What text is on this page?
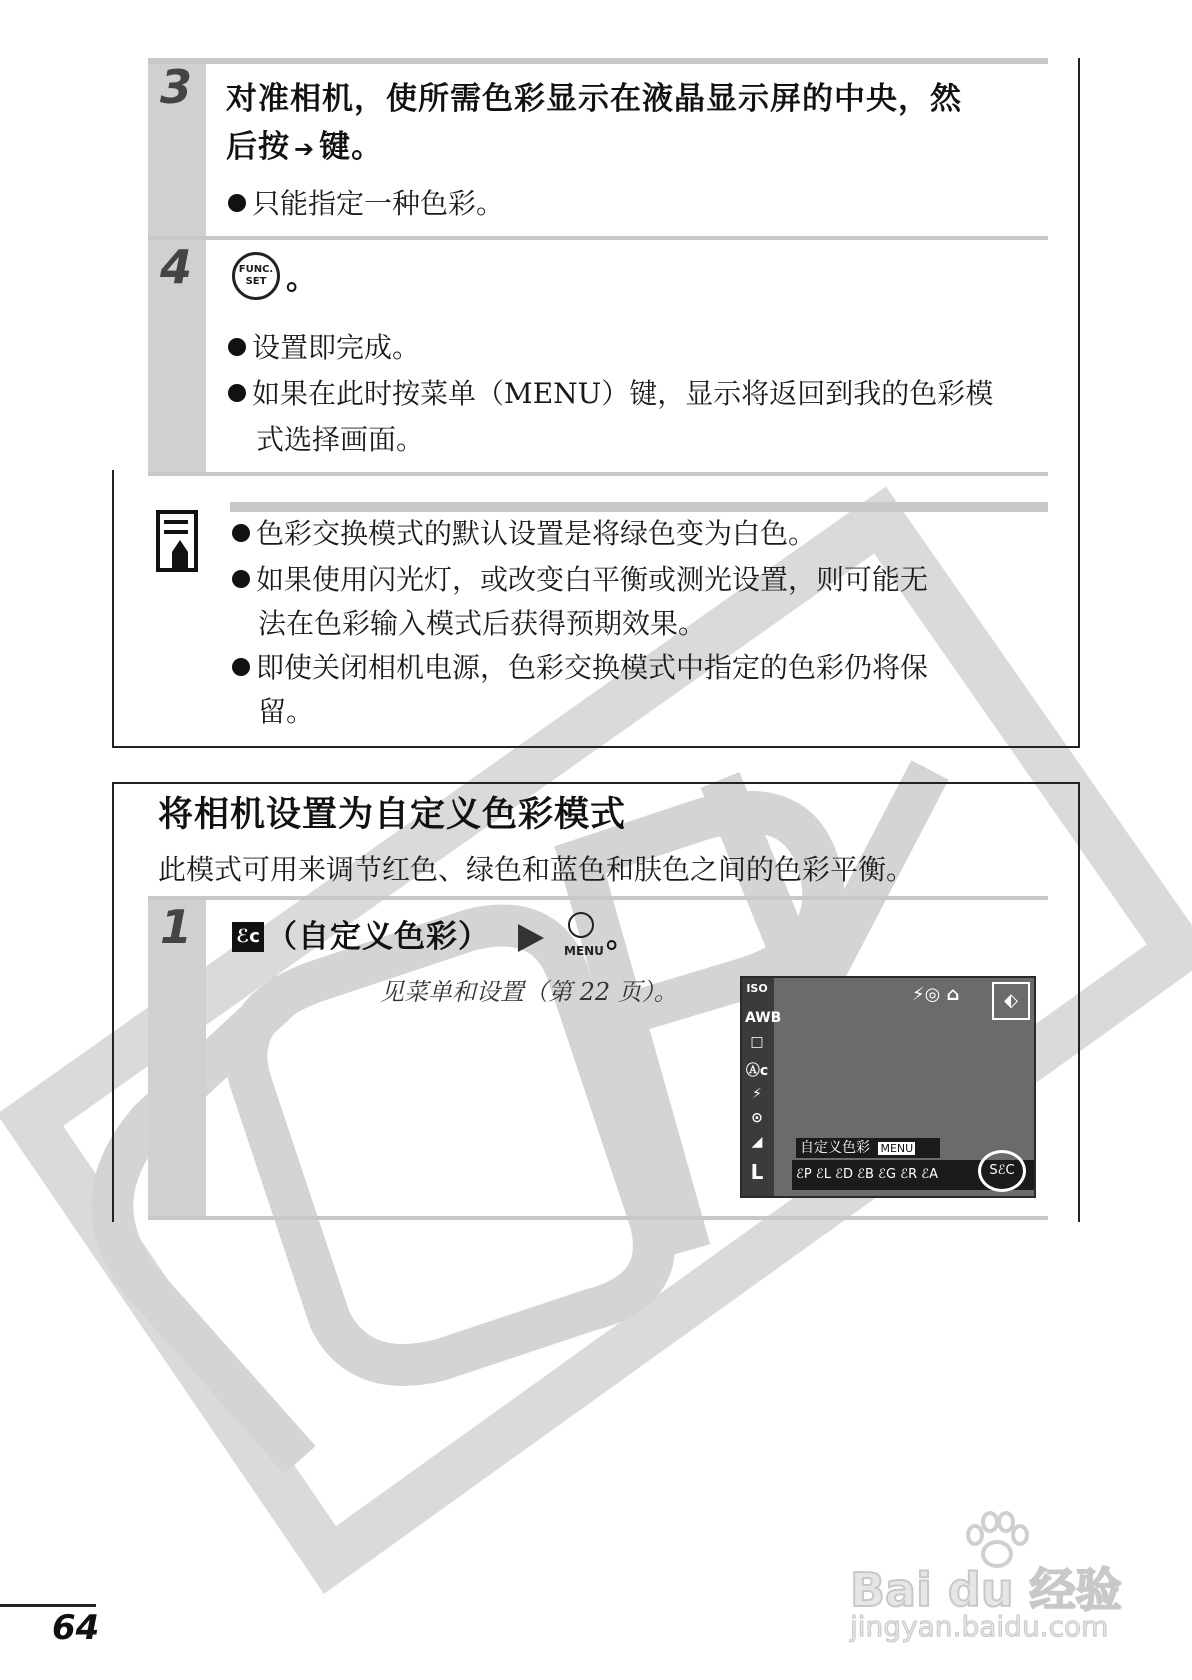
Bai du 经验
jingyan.baidu.com
3 对准相机，使所需色彩显示在液晶显示屏的中央，然
后按 ➔ 键。
只能指定一种色彩。
4	FUNC.
SET 。
设置即完成。
如果在此时按菜单（MENU）键，显示将返回到我的色彩模
式选择画面。
色彩交换模式的默认设置是将绿色变为白色。
如果使用闪光灯，或改变白平衡或测光设置，则可能无
法在色彩输入模式后获得预期效果。
即使关闭相机电源，色彩交换模式中指定的色彩仍将保
留。
将相机设置为自定义色彩模式
此模式可用来调节红色、绿色和蓝色和肤色之间的色彩平衡。
1 ℰc （自定义色彩）	MENU 。
见菜单和设置（第 22 页）。	ISO
AWB
□
Ⓐc
⚡
⊙
◢
L
⚡◎ ⌂	⬖
自定义色彩 MENU
ℰP ℰL ℰD ℰB ℰG ℰR ℰA	SℰC
64
